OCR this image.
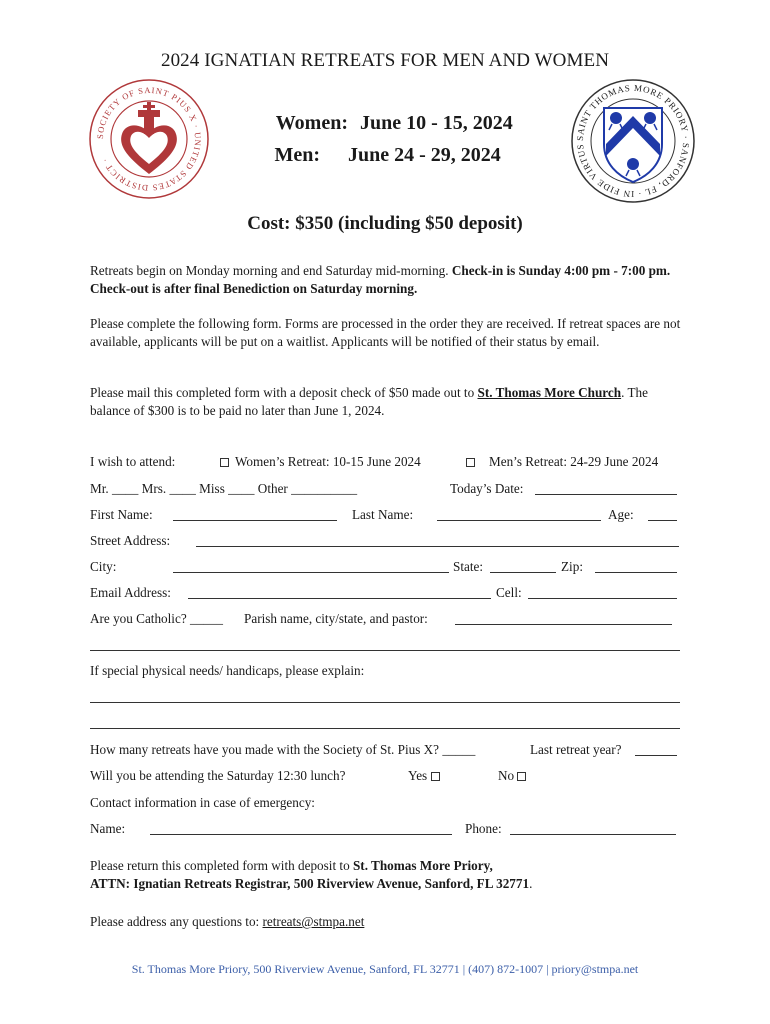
2024 IGNATIAN RETREATS FOR MEN AND WOMEN
SOCIETY OF SAINT PIUS X · UNITED STATES DISTRICT ·
Women: June 10 - 15, 2024
Men:	June 24 - 29, 2024
SAINT THOMAS MORE PRIORY · SANFORD, FL · IN FIDE VIRTUS
Cost: $350 (including $50 deposit)
Retreats begin on Monday morning and end Saturday mid-morning. Check-in is Sunday 4:00 pm - 7:00 pm. Check-out is after final Benediction on Saturday morning.
Please complete the following form. Forms are processed in the order they are received. If retreat spaces are not available, applicants will be put on a waitlist. Applicants will be notified of their status by email.
Please mail this completed form with a deposit check of $50 made out to St. Thomas More Church. The balance of $300 is to be paid no later than June 1, 2024.
I wish to attend:	Women’s Retreat: 10-15 June 2024	Men’s Retreat: 24-29 June 2024
Mr. ____ Mrs. ____ Miss ____ Other __________	Today’s Date:
First Name:	Last Name:	Age:
Street Address:
City:	State:	Zip:
Email Address:	Cell:
Are you Catholic? _____ Parish name, city/state, and pastor:
If special physical needs/ handicaps, please explain:
How many retreats have you made with the Society of St. Pius X? _____	Last retreat year?
Will you be attending the Saturday 12:30 lunch?	Yes	No
Contact information in case of emergency:
Name:	Phone:
Please return this completed form with deposit to St. Thomas More Priory,
ATTN: Ignatian Retreats Registrar, 500 Riverview Avenue, Sanford, FL 32771.
Please address any questions to: retreats@stmpa.net
St. Thomas More Priory, 500 Riverview Avenue, Sanford, FL 32771 | (407) 872-1007 | priory@stmpa.net
